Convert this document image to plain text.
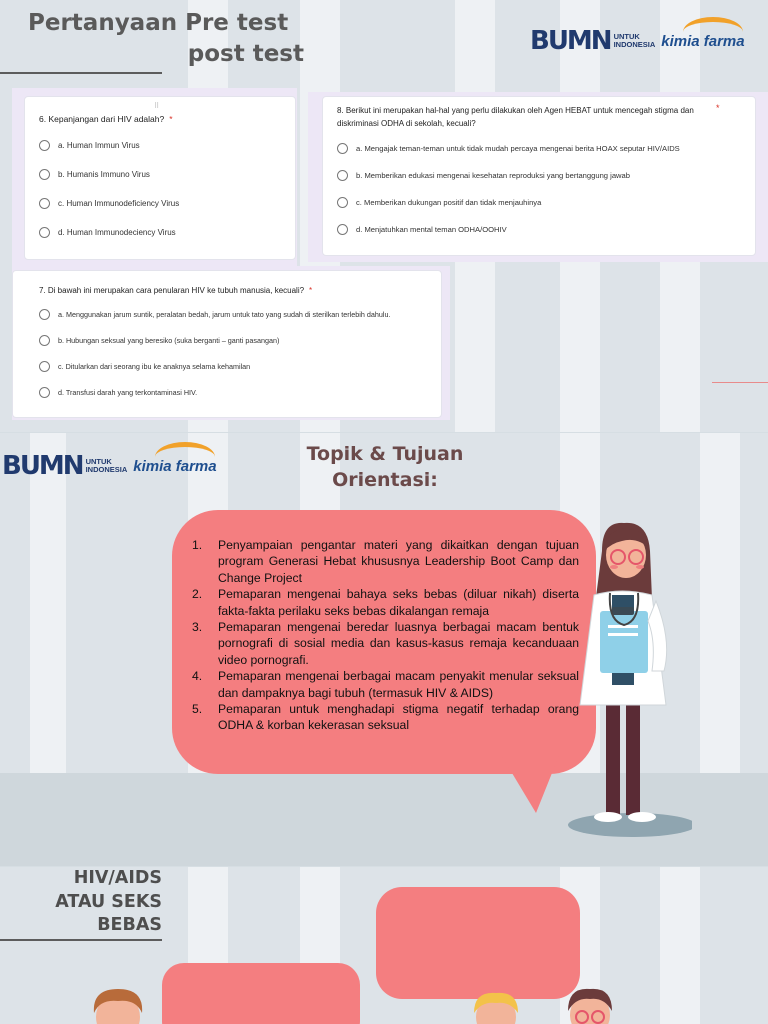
Pertanyaan Pre test
post test	BUMN UNTUK
INDONESIA kimia farma
⠿
6. Kepanjangan dari HIV adalah? *
a. Human Immun Virus
b. Humanis Immuno Virus
c. Human Immunodeficiency Virus
d. Human Immunodeciency Virus
8. Berikut ini merupakan hal-hal yang perlu dilakukan oleh Agen HEBAT untuk mencegah stigma dan diskriminasi ODHA di sekolah, kecuali?
*
a. Mengajak teman-teman untuk tidak mudah percaya mengenai berita HOAX seputar HIV/AIDS
b. Memberikan edukasi mengenai kesehatan reproduksi yang bertanggung jawab
c. Memberikan dukungan positif dan tidak menjauhinya
d. Menjatuhkan mental teman ODHA/OOHIV
7. Di bawah ini merupakan cara penularan HIV ke tubuh manusia, kecuali? *
a. Menggunakan jarum suntik, peralatan bedah, jarum untuk tato yang sudah di sterilkan terlebih dahulu.
b. Hubungan seksual yang beresiko (suka berganti – ganti pasangan)
c. Ditularkan dari seorang ibu ke anaknya selama kehamilan
d. Transfusi darah yang terkontaminasi HIV.
BUMN UNTUK
INDONESIA kimia farma
Topik & Tujuan Orientasi:
1.	Penyampaian pengantar materi yang dikaitkan dengan tujuan program Generasi Hebat khususnya Leadership Boot Camp dan Change Project
2.	Pemaparan mengenai bahaya seks bebas (diluar nikah) diserta fakta-fakta perilaku seks bebas dikalangan remaja
3.	Pemaparan mengenai beredar luasnya berbagai macam bentuk pornografi di sosial media dan kasus-kasus remaja kecanduaan video pornografi.
4.	Pemaparan mengenai berbagai macam penyakit menular seksual dan dampaknya bagi tubuh (termasuk HIV & AIDS)
5.	Pemaparan untuk menghadapi stigma negatif terhadap orang ODHA & korban kekerasan seksual
HIV/AIDS
ATAU SEKS
BEBAS
